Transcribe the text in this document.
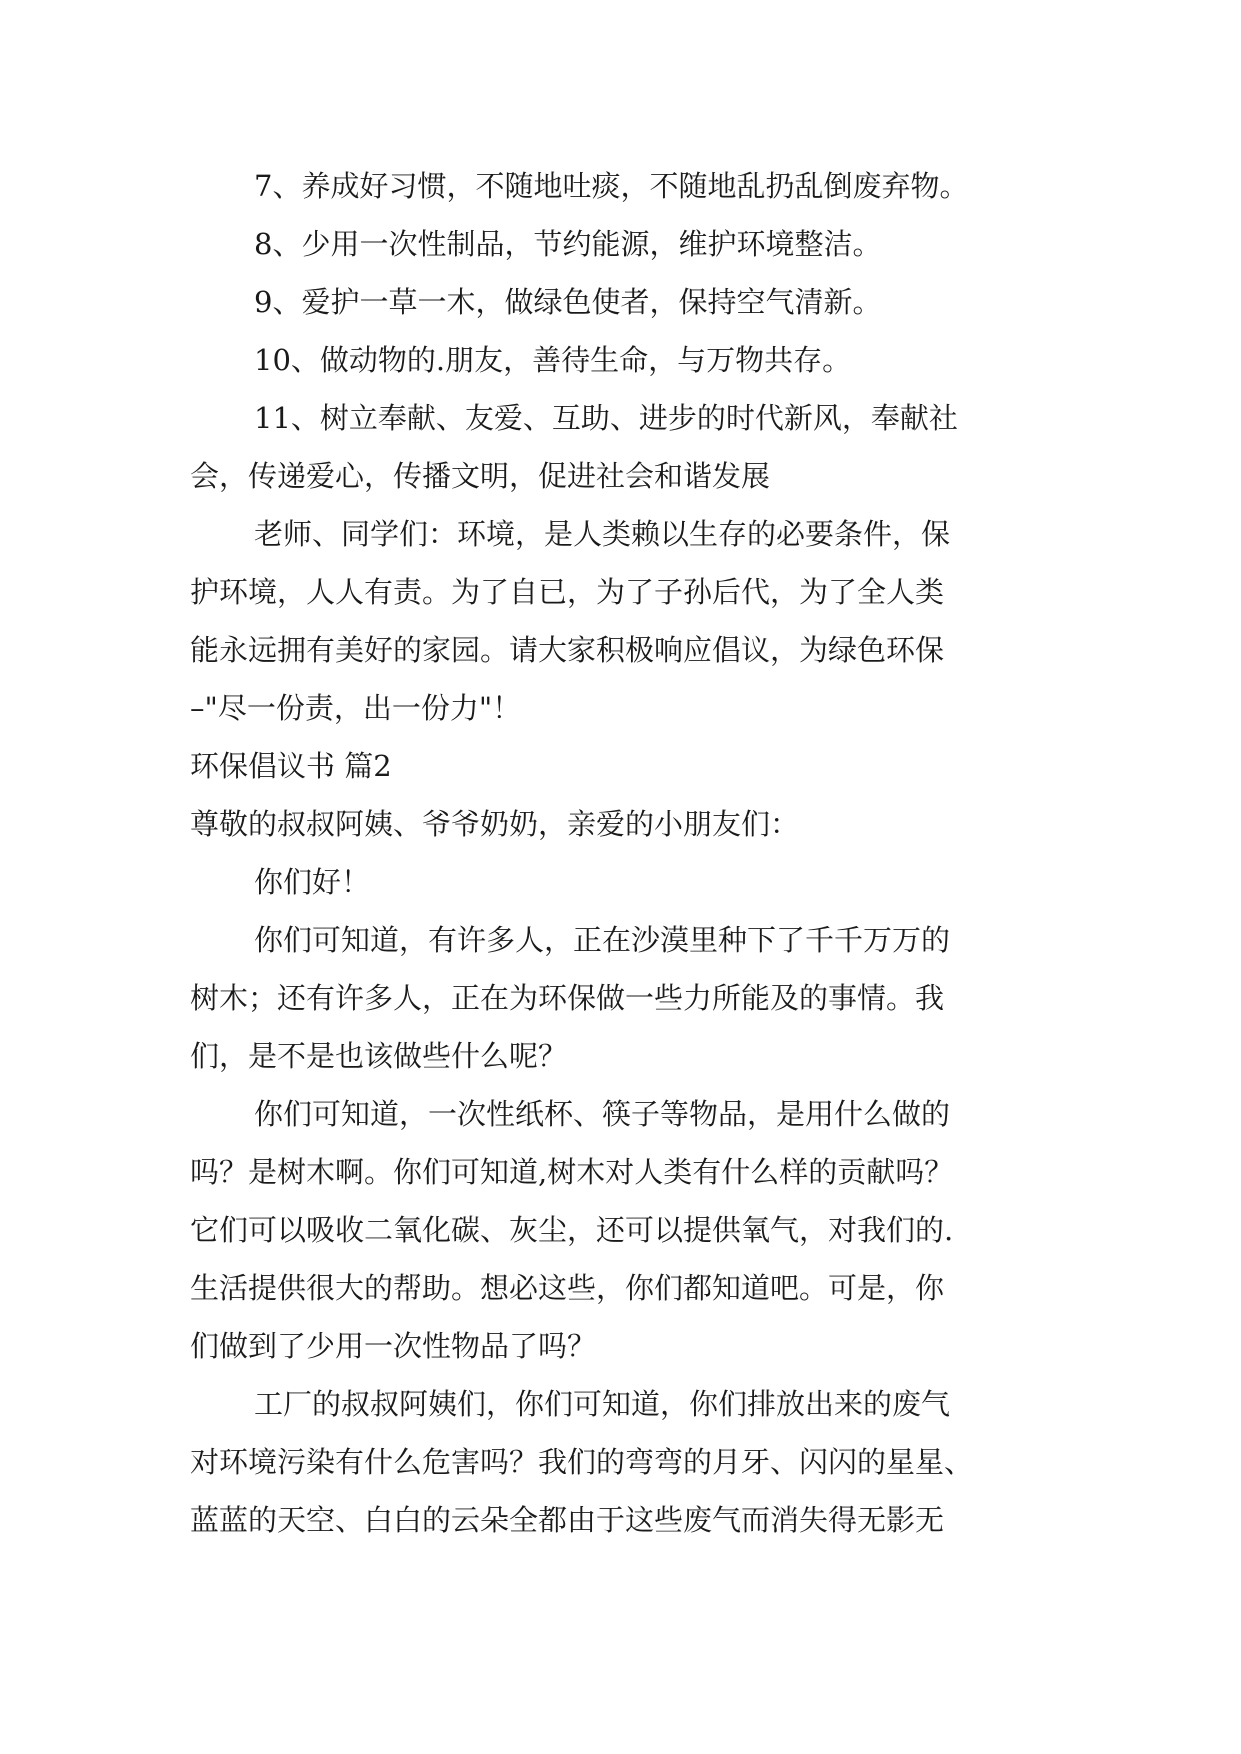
7、养成好习惯，不随地吐痰，不随地乱扔乱倒废弃物。
8、少用一次性制品，节约能源，维护环境整洁。
9、爱护一草一木，做绿色使者，保持空气清新。
10、做动物的.朋友，善待生命，与万物共存。
11、树立奉献、友爱、互助、进步的时代新风，奉献社
会，传递爱心，传播文明，促进社会和谐发展
老师、同学们：环境，是人类赖以生存的必要条件，保
护环境，人人有责。为了自已，为了子孙后代，为了全人类
能永远拥有美好的家园。请大家积极响应倡议，为绿色环保
–"尽一份责，出一份力"！
环保倡议书 篇2
尊敬的叔叔阿姨、爷爷奶奶，亲爱的小朋友们：
你们好！
你们可知道，有许多人，正在沙漠里种下了千千万万的
树木；还有许多人，正在为环保做一些力所能及的事情。我
们，是不是也该做些什么呢？
你们可知道，一次性纸杯、筷子等物品，是用什么做的
吗？是树木啊。你们可知道,树木对人类有什么样的贡献吗？
它们可以吸收二氧化碳、灰尘，还可以提供氧气，对我们的.
生活提供很大的帮助。想必这些，你们都知道吧。可是，你
们做到了少用一次性物品了吗？
工厂的叔叔阿姨们，你们可知道，你们排放出来的废气
对环境污染有什么危害吗？我们的弯弯的月牙、闪闪的星星、
蓝蓝的天空、白白的云朵全都由于这些废气而消失得无影无
